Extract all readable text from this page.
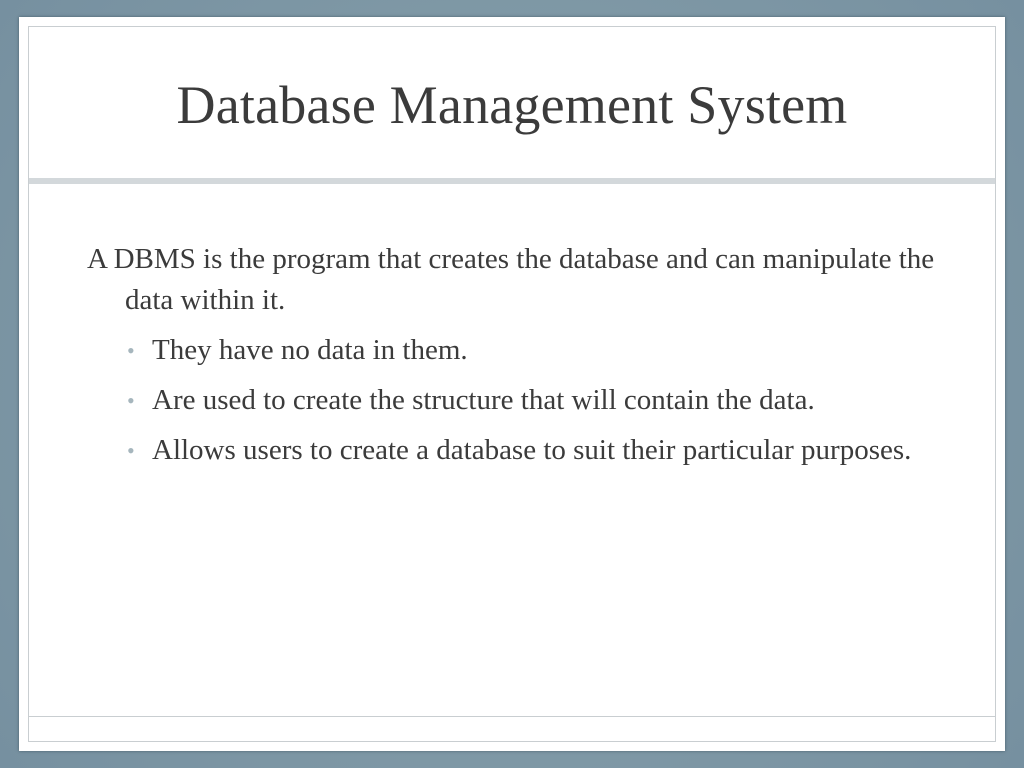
Database Management System

A DBMS is the program that creates the database and can manipulate the data within it.

• They have no data in them.
• Are used to create the structure that will contain the data.
• Allows users to create a database to suit their particular purposes.
